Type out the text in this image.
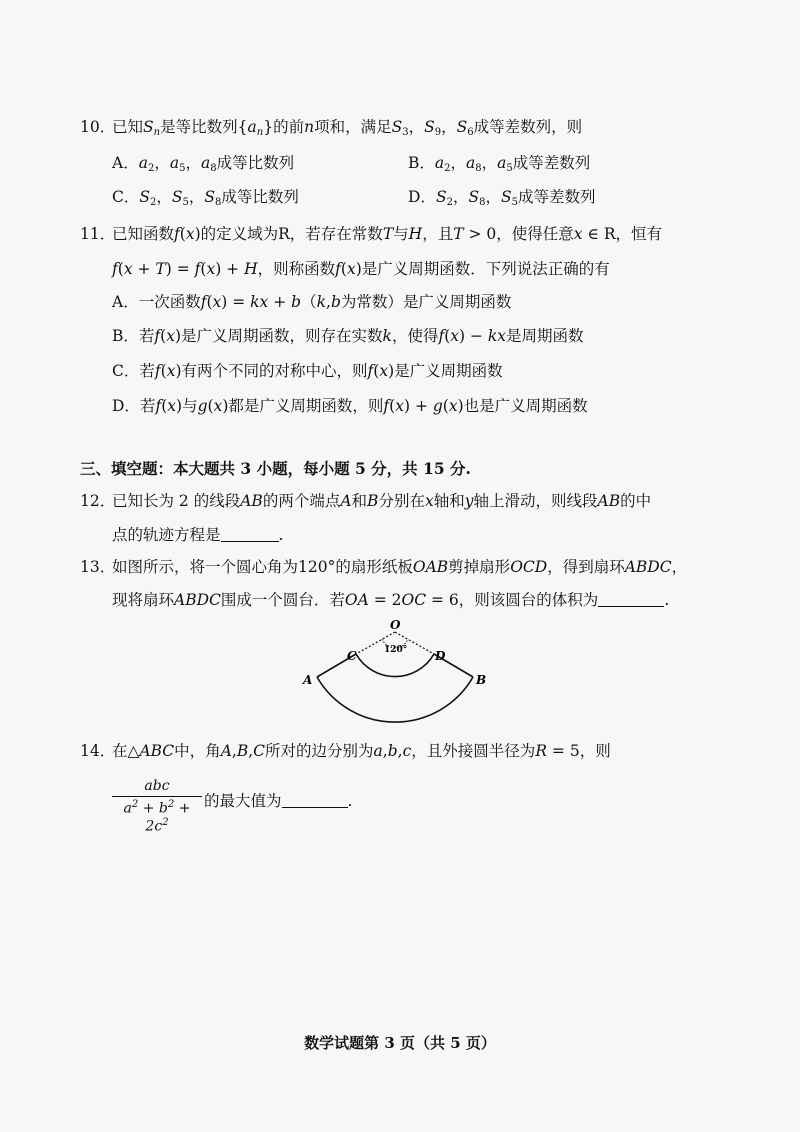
10．已知$S_n$是等比数列$\{a_n\}$的前n项和，满足$S_3$，$S_9$，$S_6$成等差数列，则
A．$a_2$，$a_5$，$a_8$成等比数列	B．$a_2$，$a_8$，$a_5$成等差数列
C．$S_2$，$S_5$，$S_8$成等比数列	D．$S_2$，$S_8$，$S_5$成等差数列
11．已知函数f(x)的定义域为R，若存在常数T与H，且T > 0，使得任意x ∈ R，恒有
f(x + T) = f(x) + H，则称函数f(x)是广义周期函数．下列说法正确的有
A．一次函数f(x) = kx + b（k,b为常数）是广义周期函数
B．若f(x)是广义周期函数，则存在实数k，使得f(x) − kx是周期函数
C．若f(x)有两个不同的对称中心，则f(x)是广义周期函数
D．若f(x)与g(x)都是广义周期函数，则f(x) + g(x)也是广义周期函数
三、填空题：本大题共 3 小题，每小题 5 分，共 15 分.
12．已知长为 2 的线段AB的两个端点A和B分别在x轴和y轴上滑动，则线段AB的中
点的轨迹方程是	.
13．如图所示，将一个圆心角为120°的扇形纸板OAB剪掉扇形OCD，得到扇环ABDC，
现将扇环ABDC围成一个圆台．若OA = 2OC = 6，则该圆台的体积为	.
O
120°
C	D
A	B
14．在△ABC中，角A,B,C所对的边分别为a,b,c，且外接圆半径为R = 5，则
abc
$a^2 + b^2 + 2c^2$
的最大值为	.
数学试题第 3 页（共 5 页）
